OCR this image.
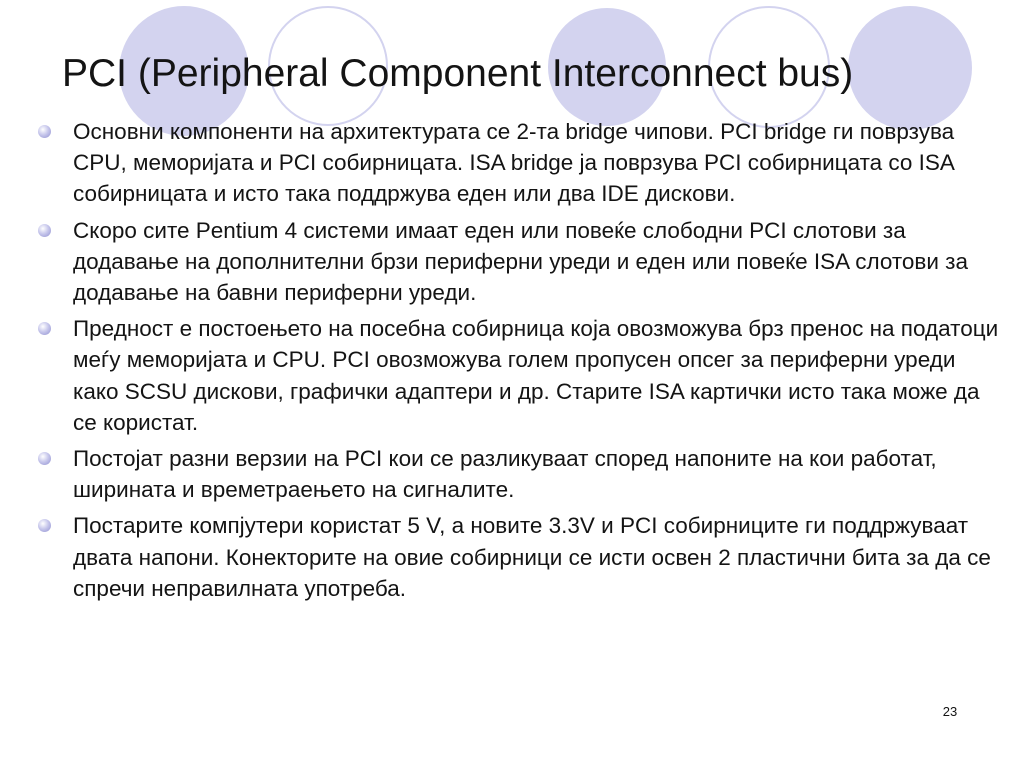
PCI (Peripheral Component Interconnect bus)
Основни компоненти на архитектурата се 2-та bridge чипови. PCI bridge ги поврзува CPU, меморијата и PCI собирницата. ISA bridge ја поврзува PCI собирницата со ISA собирницата и исто така поддржува еден или два IDE дискови.
Скоро сите Pentium 4 системи имаат еден или повеќе слободни PCI слотови за додавање на дополнителни брзи периферни уреди и еден или повеќе ISA слотови за додавање на бавни периферни уреди.
Предност е постоењето на посебна собирница која овозможува брз пренос на податоци меѓу меморијата и CPU. PCI овозможува голем пропусен опсег за периферни уреди како SCSU дискови, графички адаптери и др. Старите ISA картички исто така може да се користат.
Постојат разни верзии на PCI кои се разликуваат според напоните на кои работат, ширината и времетраењето на сигналите.
Постарите компјутери користат 5 V, а новите 3.3V и PCI собирниците ги поддржуваат двата напони. Конекторите на овие собирници се исти освен 2 пластични бита за да се спречи неправилната употреба.
23
